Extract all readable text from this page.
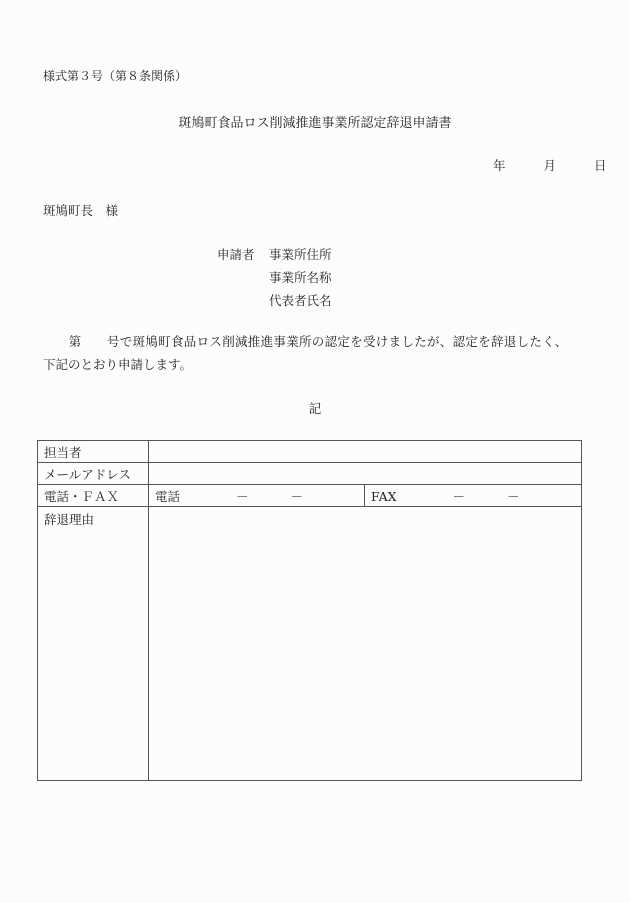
様式第３号（第８条関係）
斑鳩町食品ロス削減推進事業所認定辞退申請書
年	月	日
斑鳩町長　様
申請者 事業所住所
事業所名称
代表者氏名
　　第　　号で斑鳩町食品ロス削減推進事業所の認定を受けましたが、認定を辞退したく、
下記のとおり申請します。
記
担当者		
メールアドレス		
電話・ＦＡＸ	電話 － －	FAX － －
辞退理由		
